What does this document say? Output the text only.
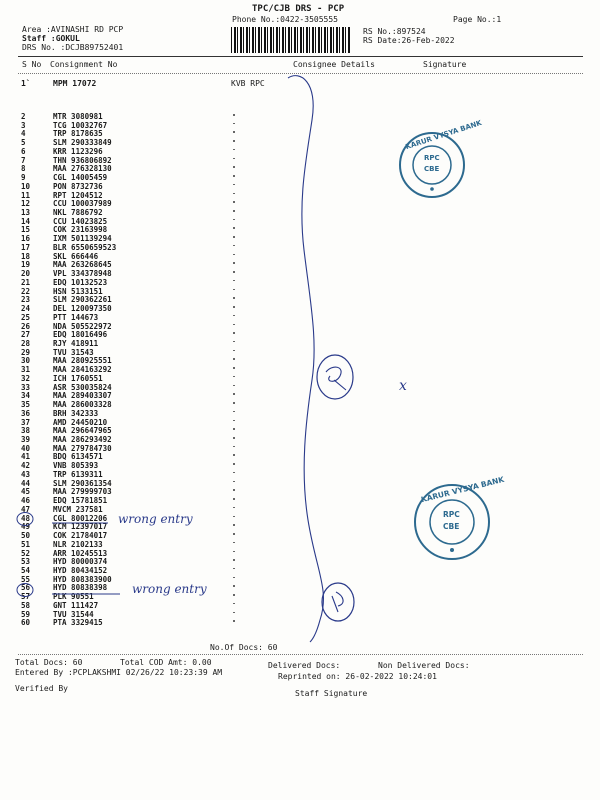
TPC/CJB DRS - PCP
Phone No.:0422-3505555	Page No.:1
Area :AVINASHI RD PCP
Staff :GOKUL
DRS No. :DCJB89752401
RS No.:897524
RS Date:26-Feb-2022
S No Consignment No	Consignee Details	Signature
1`	MPM 17072	KVB RPC
2	MTR 3080981
3	TCG 10032767
4	TRP 8178635
5	SLM 290333849
6	KRR 1123296
7	THN 936806892
8	MAA 276328130
9	CGL 14005459
10	PON 8732736
11	RPT 1204512
12	CCU 100037989
13	NKL 7886792
14	CCU 14023825
15	COK 23163998
16	IXM 501139294
17	BLR 6550659523
18	SKL 666446
19	MAA 263268645
20	VPL 334378948
21	EDQ 10132523
22	HSN 5133151
23	SLM 290362261
24	DEL 120097350
25	PTT 144673
26	NDA 505522972
27	EDQ 18016496
28	RJY 418911
29	TVU 31543
30	MAA 280925551
31	MAA 284163292
32	ICH 1760551
33	ASR 530035824
34	MAA 289403307
35	MAA 286003328
36	BRH 342333
37	AMD 24450210
38	MAA 296647965
39	MAA 286293492
40	MAA 279784730
41	BDQ 6134571
42	VNB 805393
43	TRP 6139311
44	SLM 290361354
45	MAA 279999703
46	EDQ 15781851
47	MVCM 237581
48	CGL 80012206
49	KCM 12397017
50	COK 21784017
51	NLR 2102133
52	ARR 10245513
53	HYD 80000374
54	HYD 80434152
55	HYD 808383900
56	HYD 80838398
57	PLK 90551
58	GNT 111427
59	TVU 31544
60	PTA 3329415
No.Of Docs: 60
Total Docs: 60	Total COD Amt: 0.00	Delivered Docs:	Non Delivered Docs:
Entered By :PCPLAKSHMI 02/26/22 10:23:39 AM	Reprinted on: 26-02-2022 10:24:01
Verified By
Staff Signature
KARUR VYSYA BANK
RPC
CBE
KARUR VYSYA BANK
RPC
CBE
wrong entry
wrong entry
x
